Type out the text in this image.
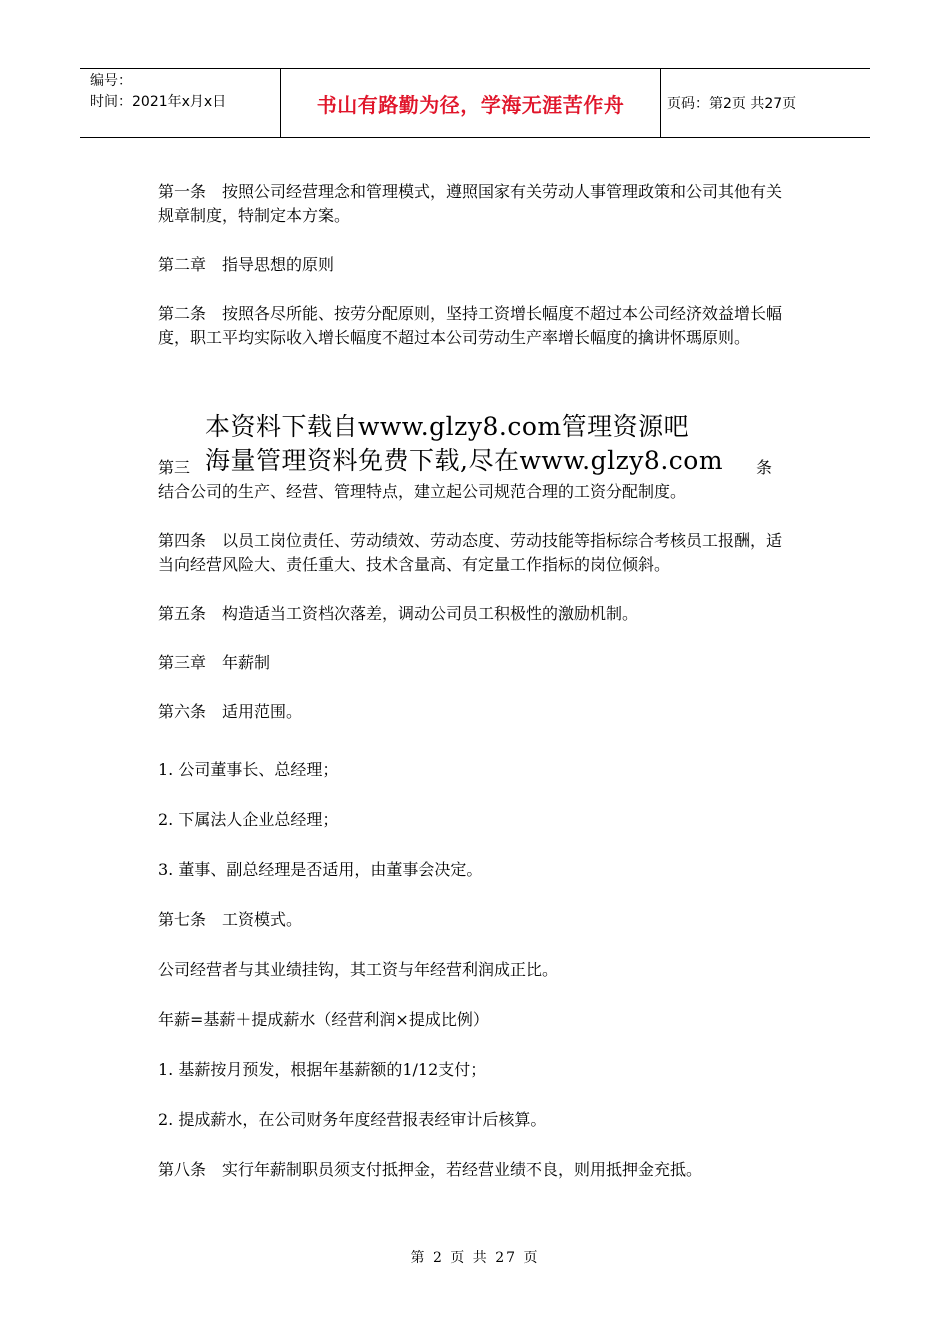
编号：
时间：2021年x月x日	书山有路勤为径，学海无涯苦作舟	页码：第2页 共27页

第一条　按照公司经营理念和管理模式，遵照国家有关劳动人事管理政策和公司其他有关规章制度，特制定本方案。

第二章　指导思想的原则

第二条　按照各尽所能、按劳分配原则，坚持工资增长幅度不超过本公司经济效益增长幅度，职工平均实际收入增长幅度不超过本公司劳动生产率增长幅度的擒讲怀瑪原则。

第三	条

结合公司的生产、经营、管理特点，建立起公司规范合理的工资分配制度。

第四条　以员工岗位责任、劳动绩效、劳动态度、劳动技能等指标综合考核员工报酬，适当向经营风险大、责任重大、技术含量高、有定量工作指标的岗位倾斜。

第五条　构造适当工资档次落差，调动公司员工积极性的激励机制。

第三章　年薪制

第六条　适用范围。

1. 公司董事长、总经理；

2. 下属法人企业总经理；

3. 董事、副总经理是否适用，由董事会决定。

第七条　工资模式。

公司经营者与其业绩挂钩，其工资与年经营利润成正比。

年薪=基薪＋提成薪水（经营利润×提成比例）

1. 基薪按月预发，根据年基薪额的1/12支付；

2. 提成薪水，在公司财务年度经营报表经审计后核算。

第八条　实行年薪制职员须支付抵押金，若经营业绩不良，则用抵押金充抵。

本资料下载自www.glzy8.com管理资源吧
海量管理资料免费下载,尽在www.glzy8.com
第 2 页 共 27 页
